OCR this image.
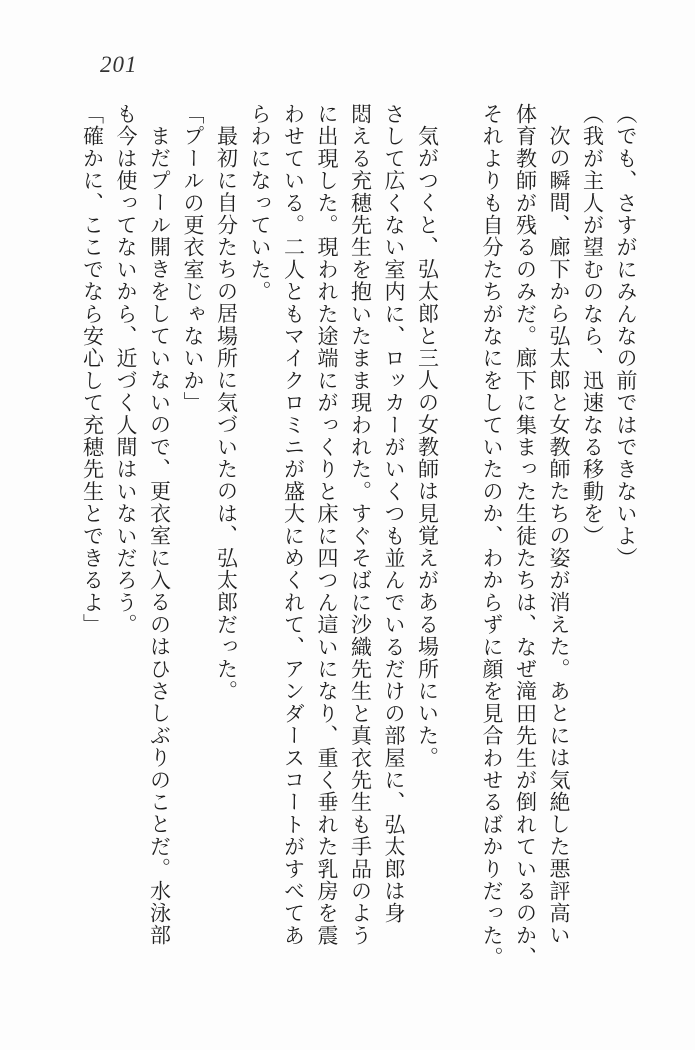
201
（でも、さすがにみんなの前ではできないよ）
（我が主人が望むのなら、迅速なる移動を）
次の瞬間、廊下から弘太郎と女教師たちの姿が消えた。あとには気絶した悪評高い
体育教師が残るのみだ。廊下に集まった生徒たちは、なぜ滝田先生が倒れているのか、
それよりも自分たちがなにをしていたのか、わからずに顔を見合わせるばかりだった。
気がつくと、弘太郎と三人の女教師は見覚えがある場所にいた。
さして広くない室内に、ロッカーがいくつも並んでいるだけの部屋に、弘太郎は身
悶える充穂先生を抱いたまま現われた。すぐそばに沙織先生と真衣先生も手品のよう
に出現した。現われた途端にがっくりと床に四つん這いになり、重く垂れた乳房を震
わせている。二人ともマイクロミニが盛大にめくれて、アンダースコートがすべてあ
らわになっていた。
最初に自分たちの居場所に気づいたのは、弘太郎だった。
「プールの更衣室じゃないか」
まだプール開きをしていないので、更衣室に入るのはひさしぶりのことだ。水泳部
も今は使ってないから、近づく人間はいないだろう。
「確かに、ここでなら安心して充穂先生とできるよ」
